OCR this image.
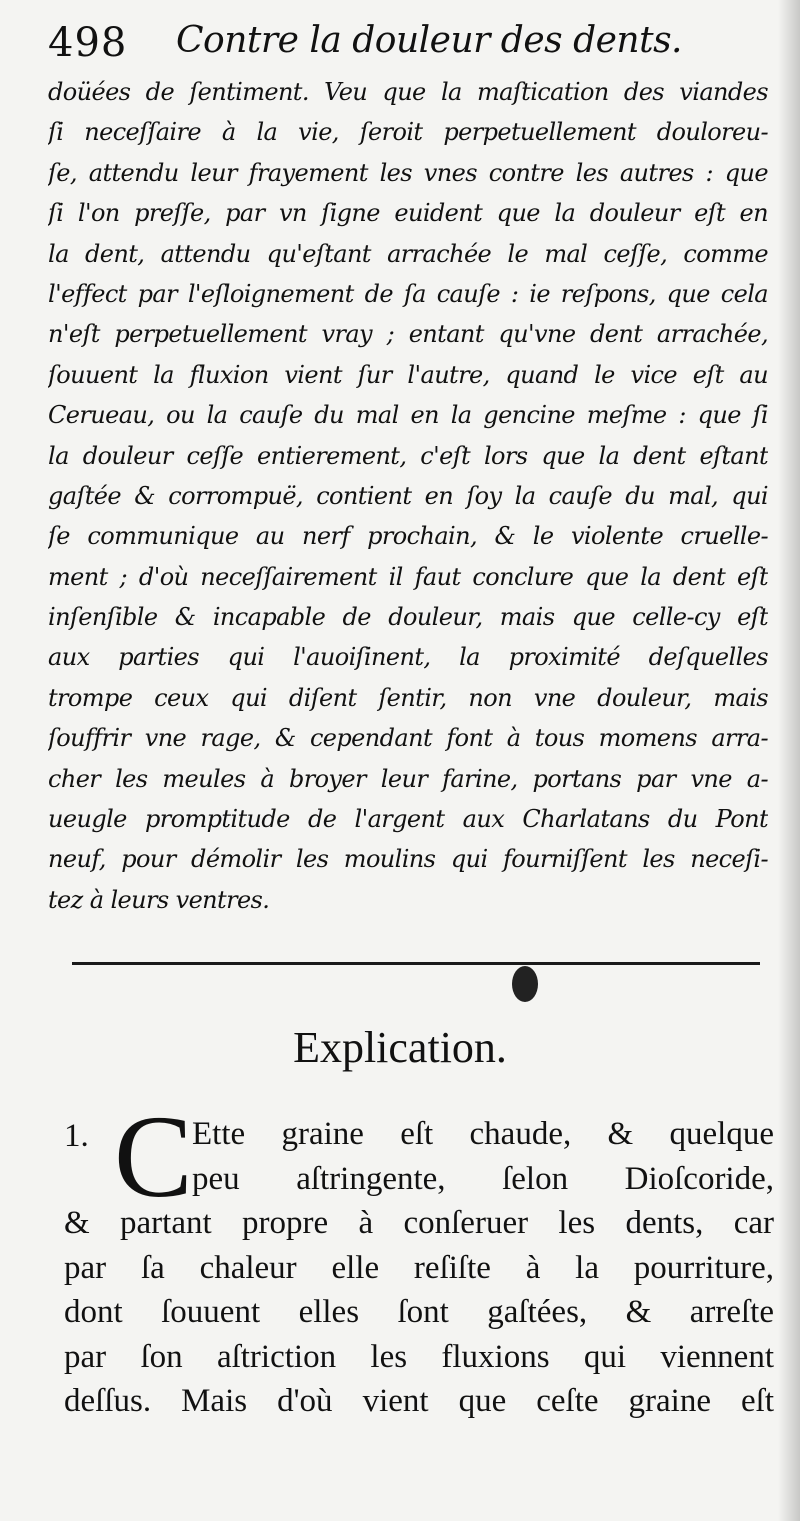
498 Contre la douleur des dents.
doüées de ſentiment. Veu que la maſtication des viandes
ſi neceſſaire à la vie, ſeroit perpetuellement douloreu-
ſe, attendu leur frayement les vnes contre les autres : que
ſi l'on preſſe, par vn ſigne euident que la douleur eſt en
la dent, attendu qu'eſtant arrachée le mal ceſſe, comme
l'effect par l'eſloignement de ſa cauſe : ie reſpons, que cela
n'eſt perpetuellement vray ; entant qu'vne dent arrachée,
ſouuent la fluxion vient ſur l'autre, quand le vice eſt au
Cerueau, ou la cauſe du mal en la gencine meſme : que ſi
la douleur ceſſe entierement, c'eſt lors que la dent eſtant
gaſtée & corrompuë, contient en ſoy la cauſe du mal, qui
ſe communique au nerf prochain, & le violente cruelle-
ment ; d'où neceſſairement il faut conclure que la dent eſt
inſenſible & incapable de douleur, mais que celle-cy eſt
aux parties qui l'auoiſinent, la proximité deſquelles
trompe ceux qui diſent ſentir, non vne douleur, mais
ſouffrir vne rage, & cependant font à tous momens arra-
cher les meules à broyer leur farine, portans par vne a-
ueugle promptitude de l'argent aux Charlatans du Pont
neuf, pour démolir les moulins qui fourniſſent les neceſi-
tez à leurs ventres.
Explication.
1. C Ette graine eſt chaude, & quelque
peu aſtringente, ſelon Dioſcoride,
& partant propre à conſeruer les dents, car
par ſa chaleur elle reſiſte à la pourriture,
dont ſouuent elles ſont gaſtées, & arreſte
par ſon aſtriction les fluxions qui viennent
deſſus. Mais d'où vient que ceſte graine eſt
